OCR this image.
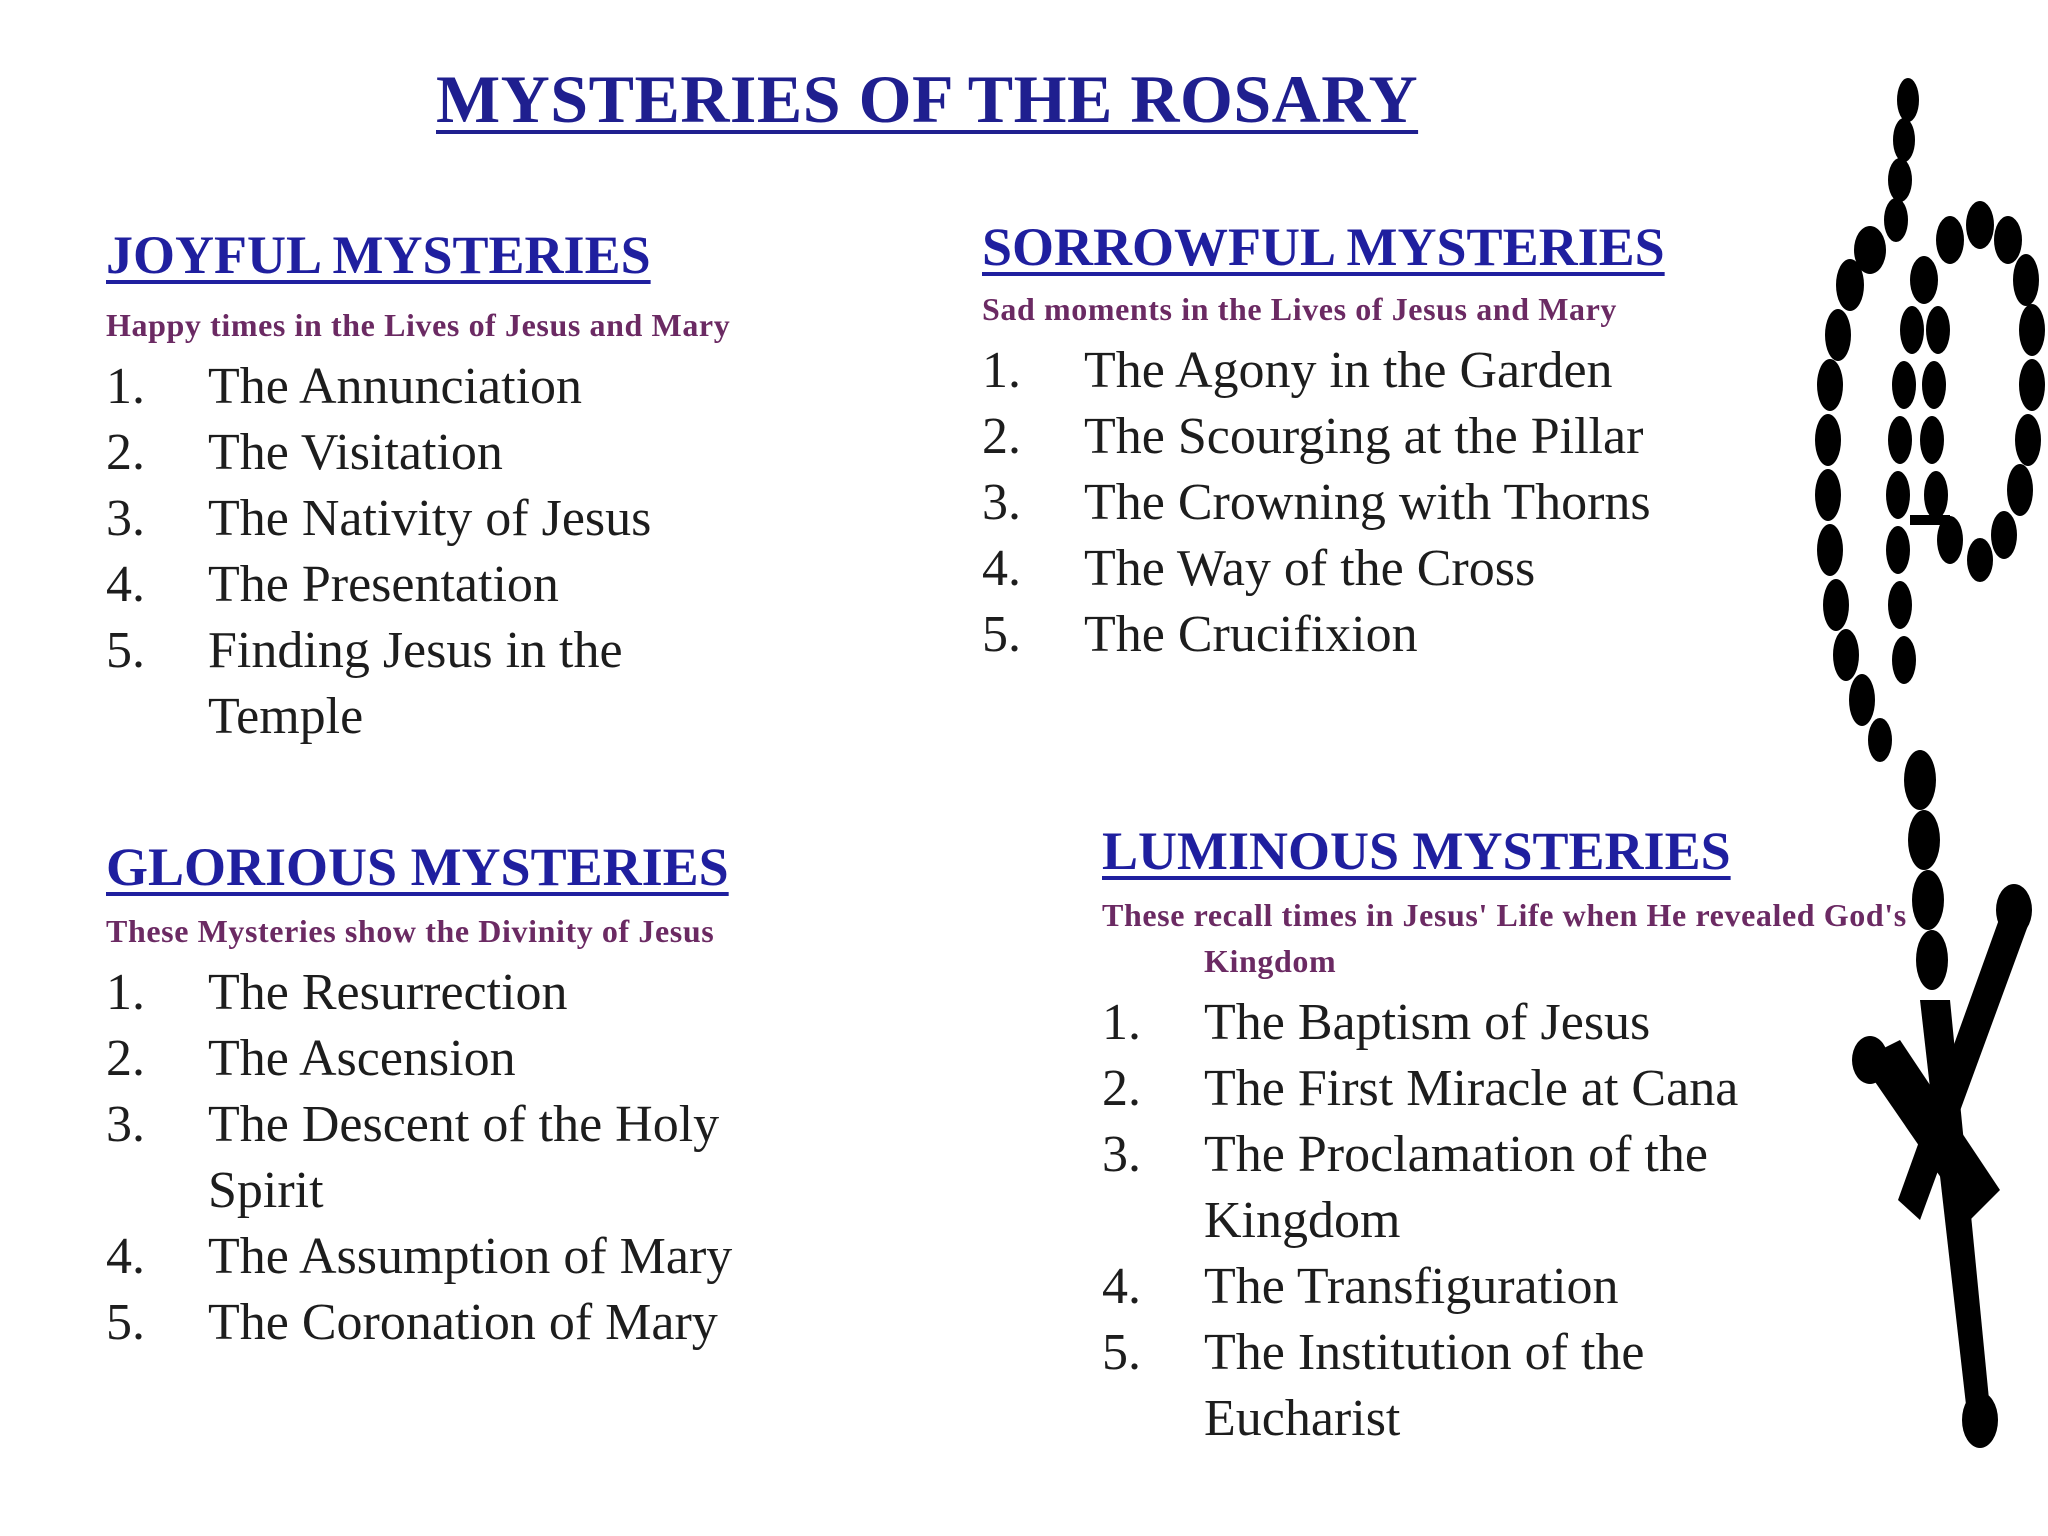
MYSTERIES OF THE ROSARY
JOYFUL MYSTERIES

Happy times in the Lives of Jesus and Mary

1.	The Annunciation
2.	The Visitation
3.	The Nativity of Jesus
4.	The Presentation
5.	Finding Jesus in the Temple
SORROWFUL MYSTERIES

Sad moments in the Lives of Jesus and Mary

1.	The Agony in the Garden
2.	The Scourging at the Pillar
3.	The Crowning with Thorns
4.	The Way of the Cross
5.	The Crucifixion
GLORIOUS MYSTERIES

These Mysteries show the Divinity of Jesus

1.	The Resurrection
2.	The Ascension
3.	The Descent of the Holy Spirit
4.	The Assumption of Mary
5.	The Coronation of Mary
LUMINOUS MYSTERIES

These recall times in Jesus' Life when He revealed God's Kingdom

1.	The Baptism of Jesus
2.	The First Miracle at Cana
3.	The Proclamation of the Kingdom
4.	The Transfiguration
5.	The Institution of the Eucharist
